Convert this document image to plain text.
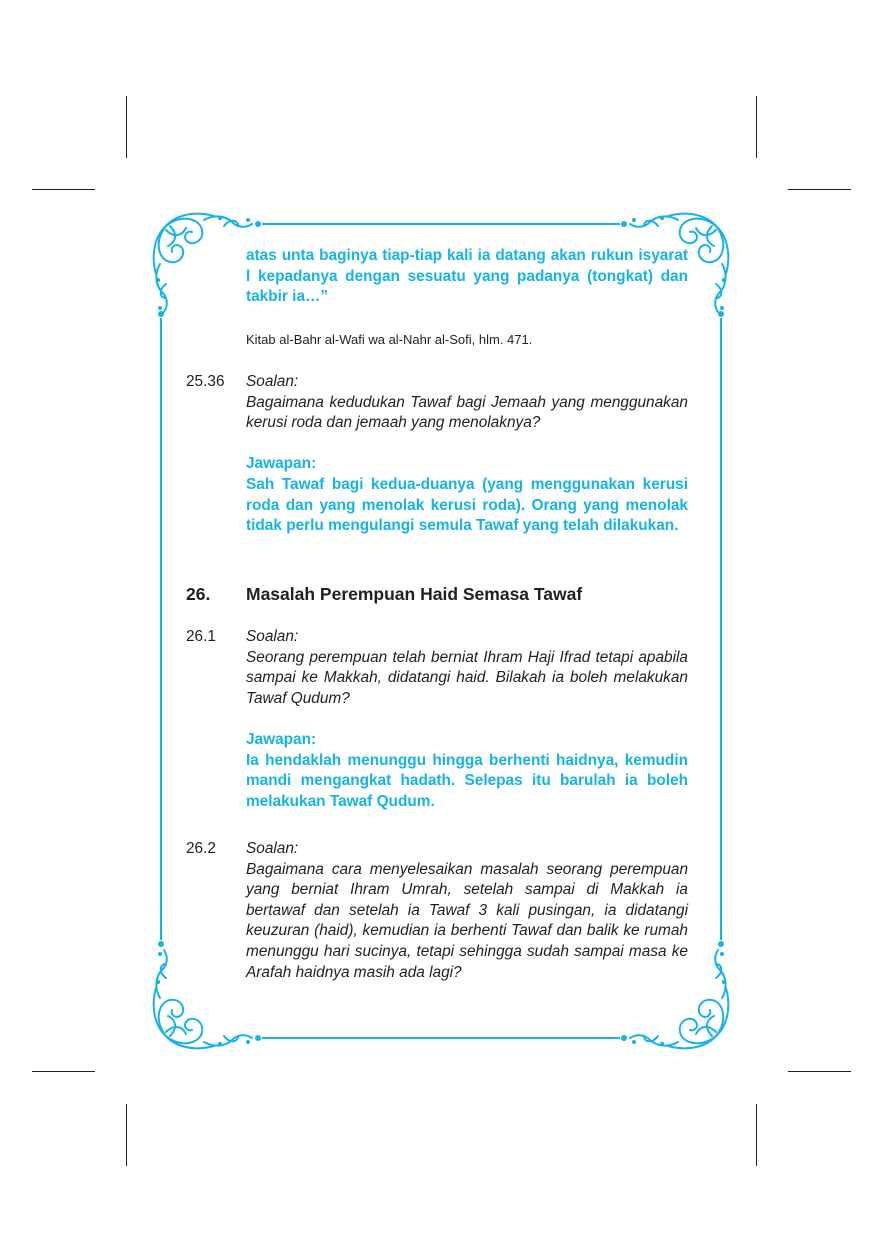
atas unta baginya tiap-tiap kali ia datang akan rukun isyarat l kepadanya dengan sesuatu yang padanya (tongkat) dan takbir ia…”
Kitab al-Bahr al-Wafi wa al-Nahr al-Sofi, hlm. 471.
25.36 Soalan:
Bagaimana kedudukan Tawaf bagi Jemaah yang menggunakan kerusi roda dan jemaah yang menolaknya?
Jawapan:
Sah Tawaf bagi kedua-duanya (yang menggunakan kerusi roda dan yang menolak kerusi roda). Orang yang menolak tidak perlu mengulangi semula Tawaf yang telah dilakukan.
26. Masalah Perempuan Haid Semasa Tawaf
26.1 Soalan:
Seorang perempuan telah berniat Ihram Haji Ifrad tetapi apabila sampai ke Makkah, didatangi haid. Bilakah ia boleh melakukan Tawaf Qudum?
Jawapan:
Ia hendaklah menunggu hingga berhenti haidnya, kemudin mandi mengangkat hadath. Selepas itu barulah ia boleh melakukan Tawaf Qudum.
26.2 Soalan:
Bagaimana cara menyelesaikan masalah seorang perempuan yang berniat Ihram Umrah, setelah sampai di Makkah ia bertawaf dan setelah ia Tawaf 3 kali pusingan, ia didatangi keuzuran (haid), kemudian ia berhenti Tawaf dan balik ke rumah menunggu hari sucinya, tetapi sehingga sudah sampai masa ke Arafah haidnya masih ada lagi?
